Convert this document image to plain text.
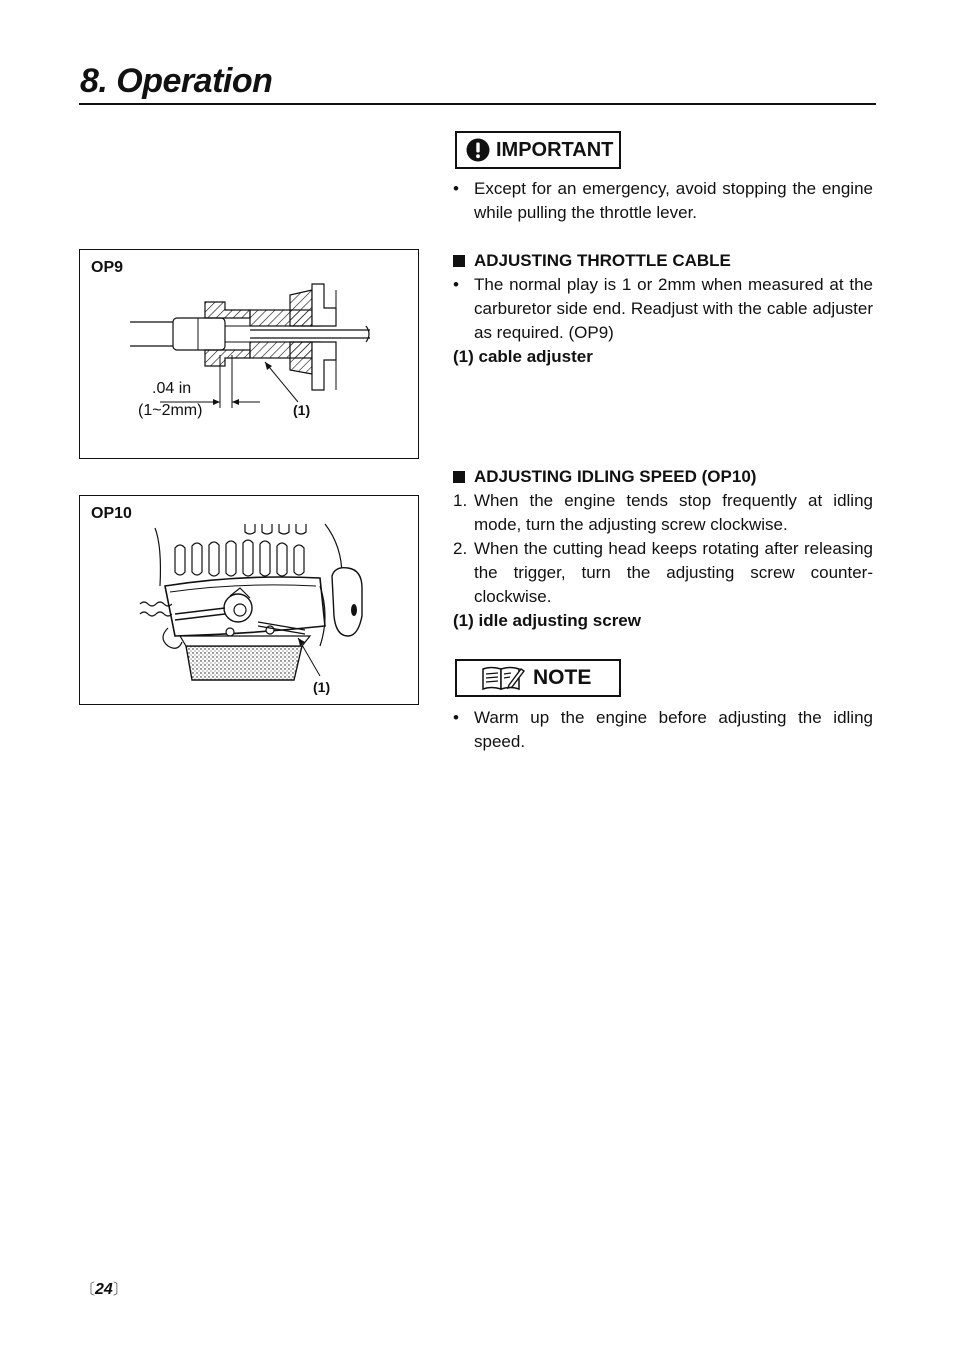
8. Operation
OP9
.04 in
(1~2mm)	(1)
OP10
(1)
IMPORTANT
• Except for an emergency, avoid stopping the engine while pulling the throttle lever.
ADJUSTING THROTTLE CABLE
• The normal play is 1 or 2mm when measured at the carburetor side end. Readjust with the cable adjuster as required. (OP9)
(1) cable adjuster
ADJUSTING IDLING SPEED (OP10)
1. When the engine tends stop frequently at idling mode, turn the adjusting screw clockwise.
2. When the cutting head keeps rotating after releasing the trigger, turn the adjusting screw counter-clockwise.
(1) idle adjusting screw
NOTE
• Warm up the engine before adjusting the idling speed.
〔24〕
